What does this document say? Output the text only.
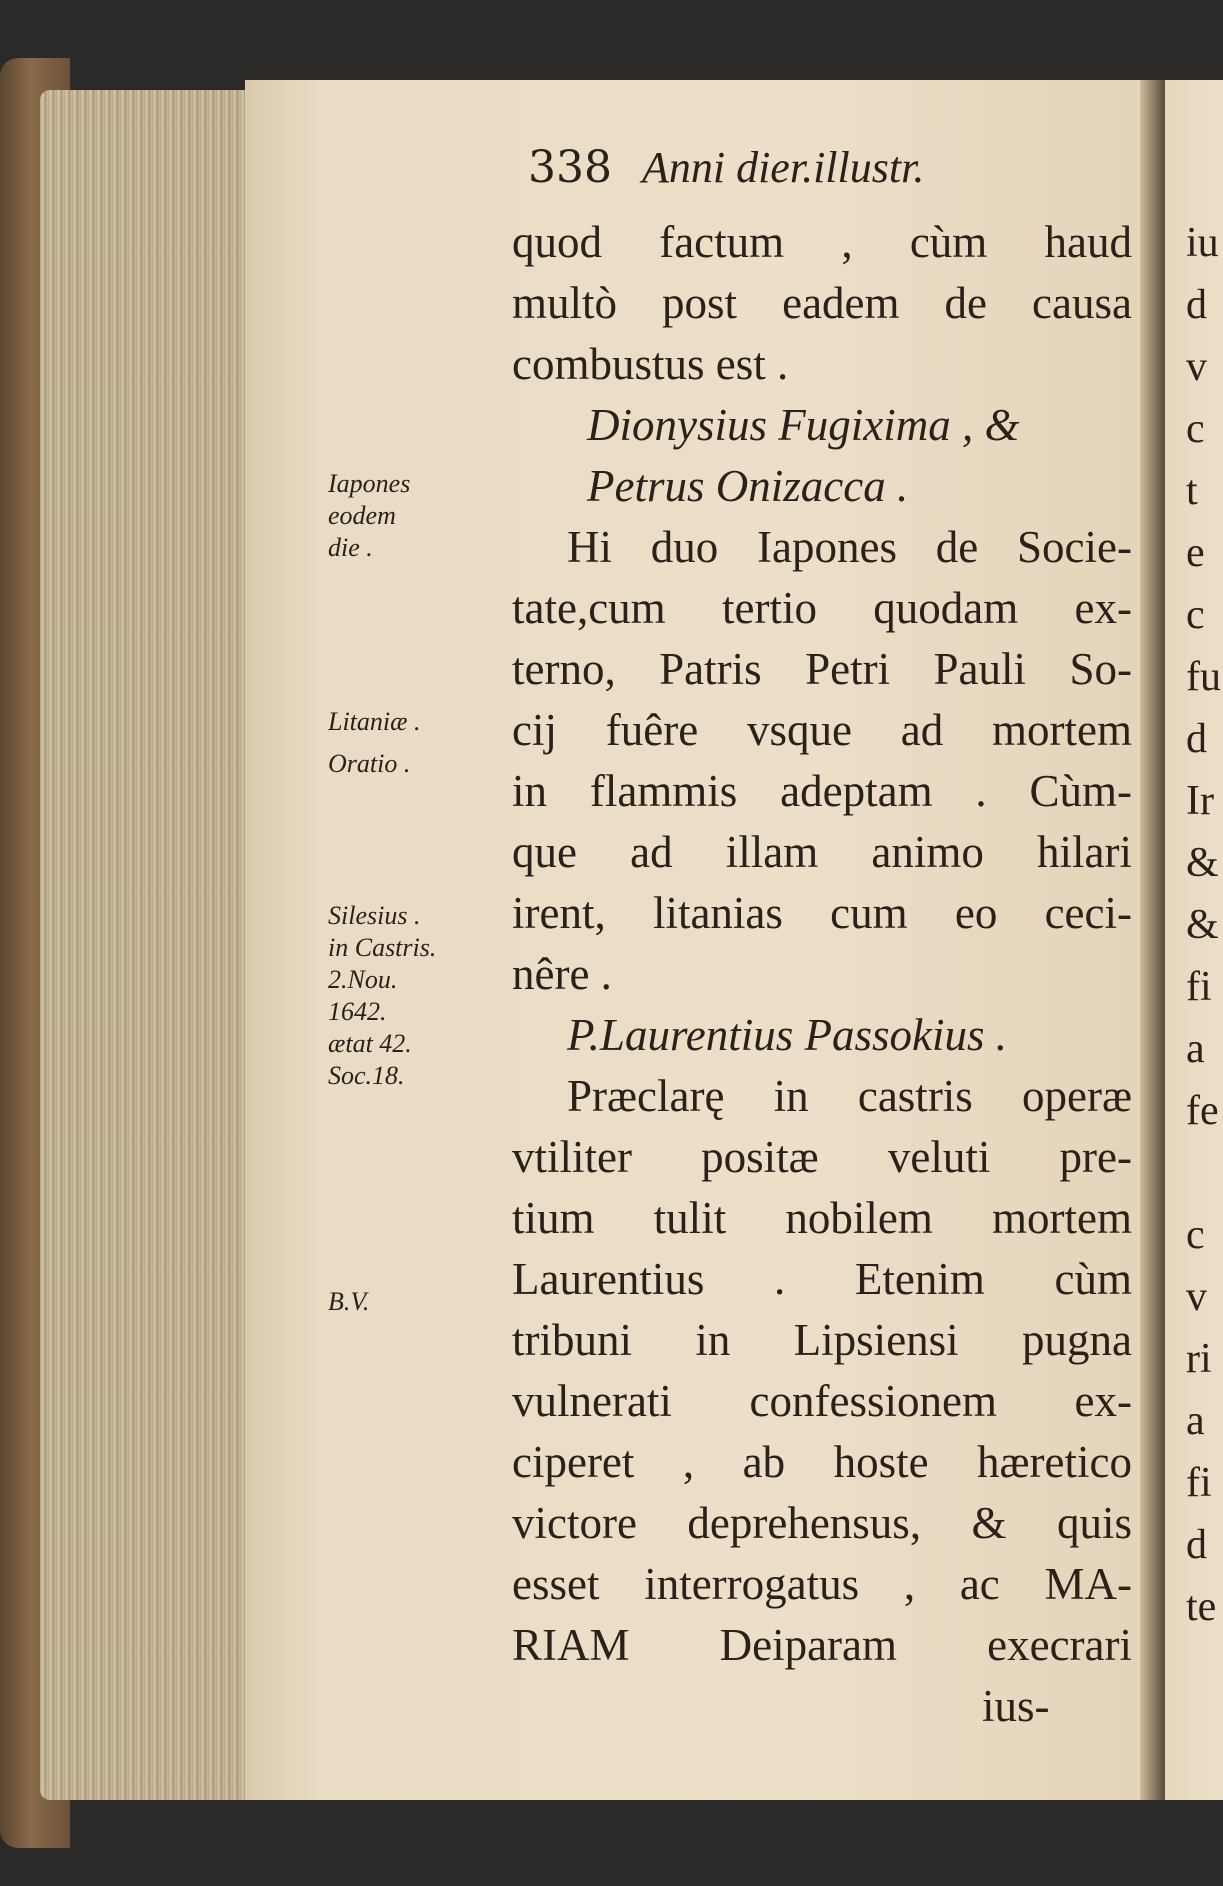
338 Anni dier.illustr.
quod factum , cùm haud
multò post eadem de causa
combustus est .
Dionysius Fugixima , &
Petrus Onizacca .
Hi duo Iapones de Socie-
tate,cum tertio quodam ex-
terno, Patris Petri Pauli So-
cij fuêre vsque ad mortem
in flammis adeptam . Cùm-
que ad illam animo hilari
irent, litanias cum eo ceci-
nêre .
P.Laurentius Passokius .
Præclarę in castris operæ
vtiliter positæ veluti pre-
tium tulit nobilem mortem
Laurentius . Etenim cùm
tribuni in Lipsiensi pugna
vulnerati confessionem ex-
ciperet , ab hoste hæretico
victore deprehensus, & quis
esset interrogatus , ac MA-
RIAM Deiparam execrari
ius-
Iapones
eodem
die .
Litaniæ .
Oratio .
Silesius .
in Castris.
2.Nou.
1642.
ætat 42.
Soc.18.
B.V.
iu
d
v
c
t
e
c
fu
d
Ir
&
&
fi
a
fe

c
v
ri
a
fi
d
te
